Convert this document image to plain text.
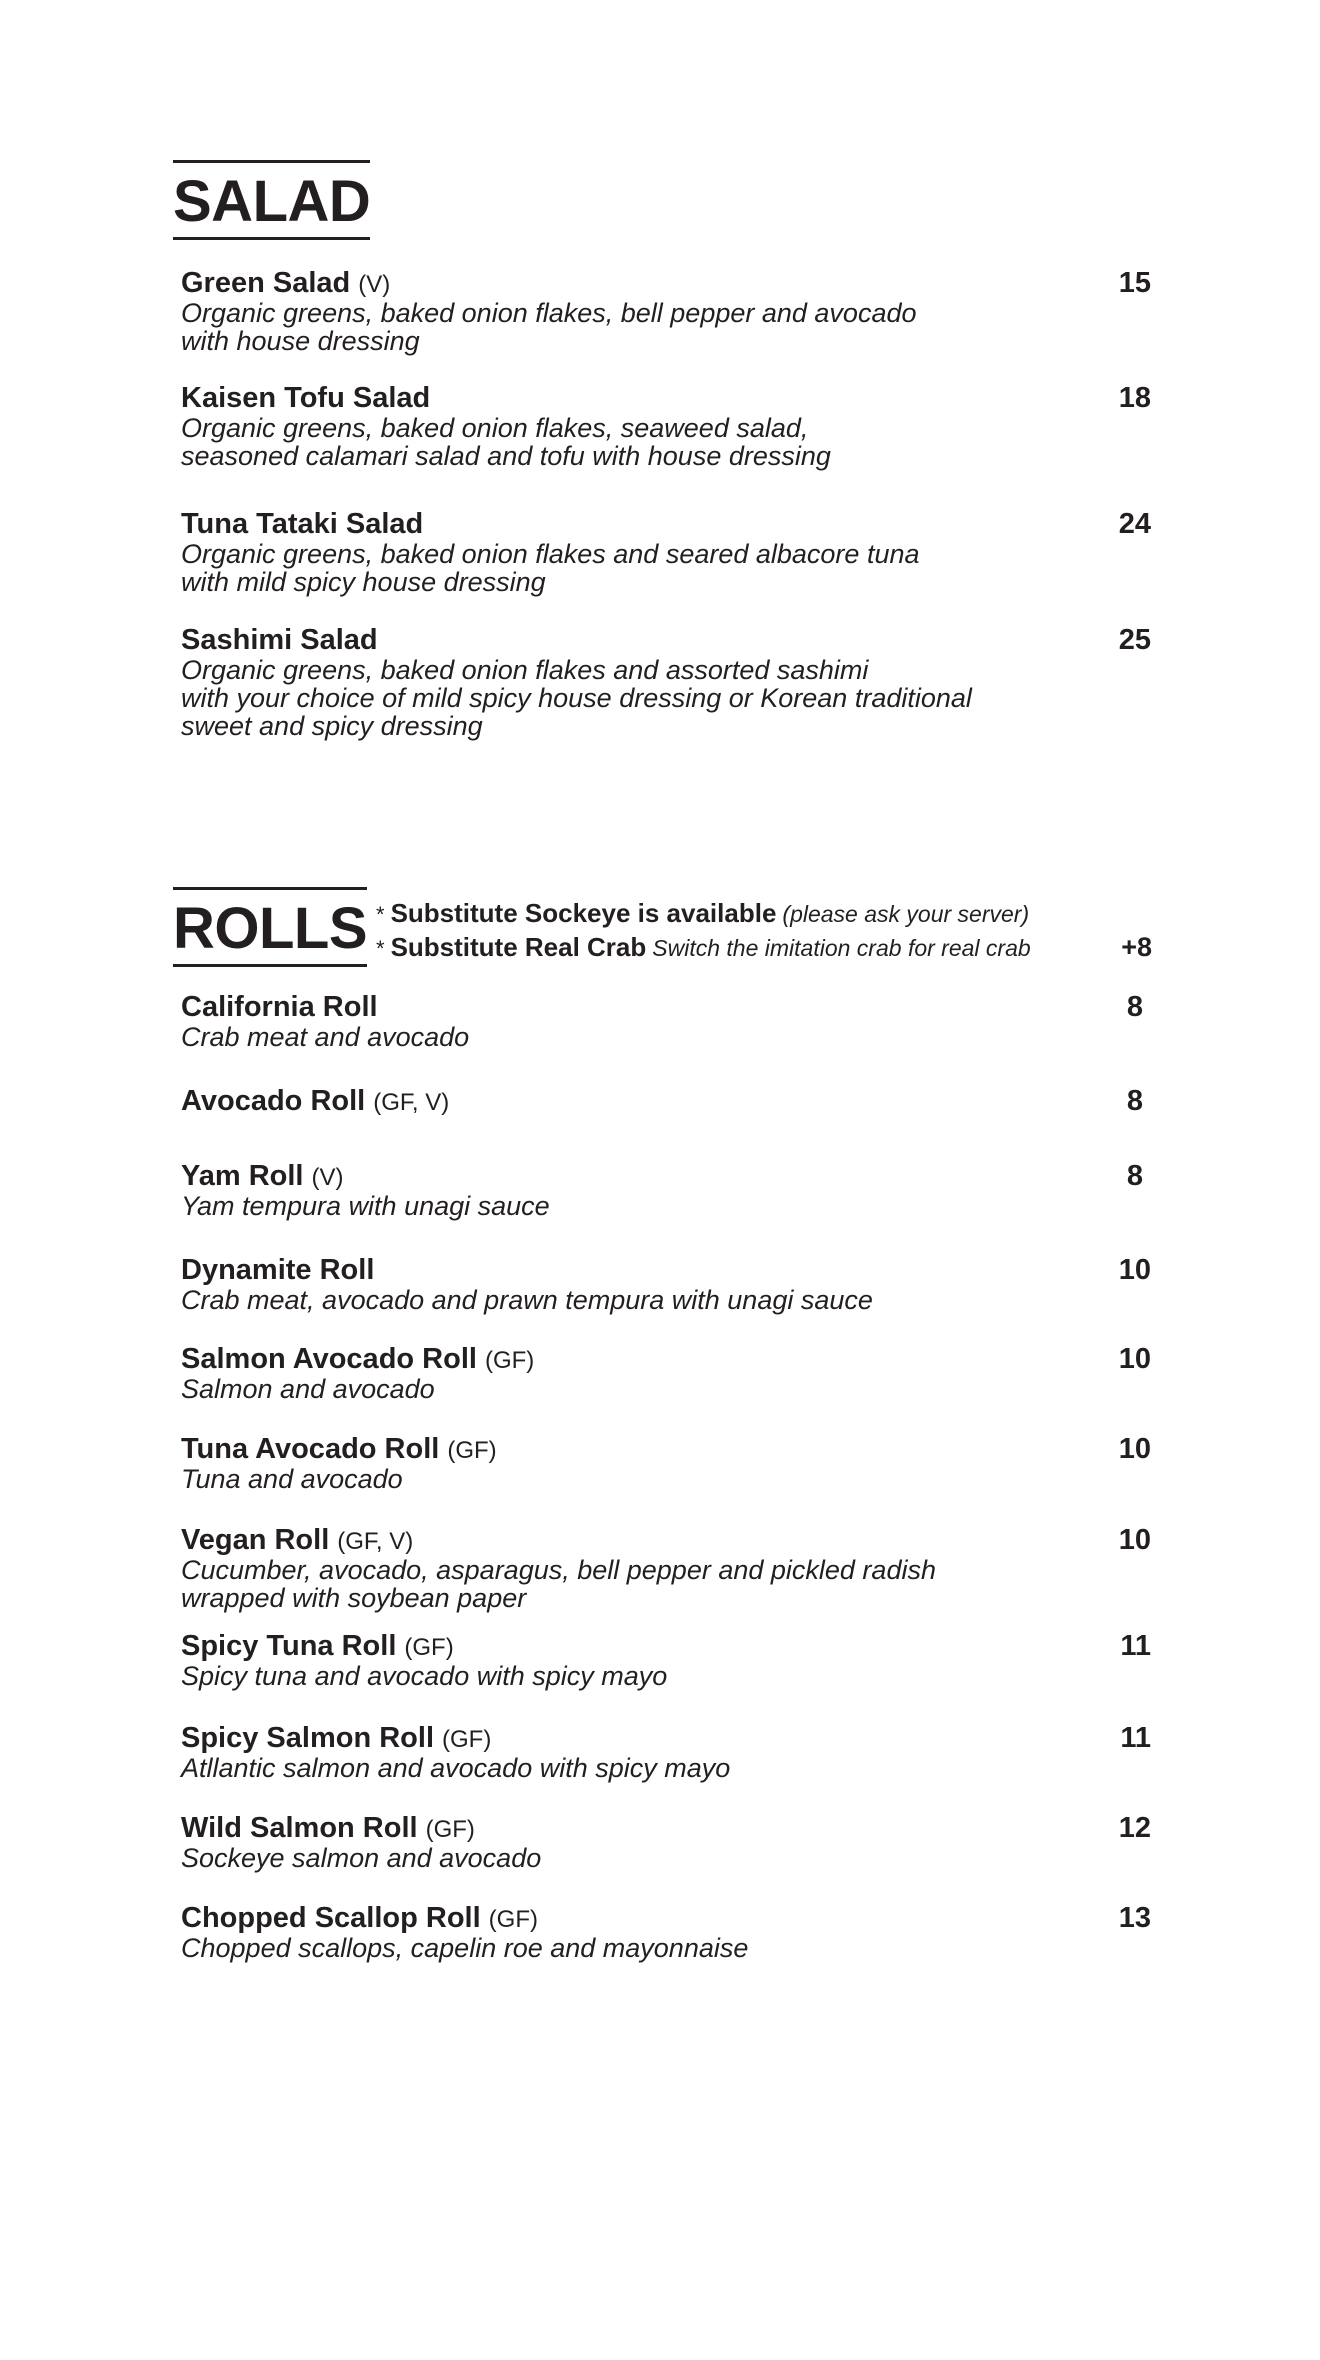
SALAD
Green Salad (V)	15
Organic greens, baked onion flakes, bell pepper and avocado
with house dressing
Kaisen Tofu Salad	18
Organic greens, baked onion flakes, seaweed salad,
seasoned calamari salad and tofu with house dressing
Tuna Tataki Salad	24
Organic greens, baked onion flakes and seared albacore tuna
with mild spicy house dressing
Sashimi Salad	25
Organic greens, baked onion flakes and assorted sashimi
with your choice of mild spicy house dressing or Korean traditional
sweet and spicy dressing
ROLLS * Substitute Sockeye is available (please ask your server)
* Substitute Real Crab Switch the imitation crab for real crab	+8
California Roll	8
Crab meat and avocado
Avocado Roll (GF, V)	8
Yam Roll (V)	8
Yam tempura with unagi sauce
Dynamite Roll	10
Crab meat, avocado and prawn tempura with unagi sauce
Salmon Avocado Roll (GF)	10
Salmon and avocado
Tuna Avocado Roll (GF)	10
Tuna and avocado
Vegan Roll (GF, V)	10
Cucumber, avocado, asparagus, bell pepper and pickled radish
wrapped with soybean paper
Spicy Tuna Roll (GF)	11
Spicy tuna and avocado with spicy mayo
Spicy Salmon Roll (GF)	11
Atllantic salmon and avocado with spicy mayo
Wild Salmon Roll (GF)	12
Sockeye salmon and avocado
Chopped Scallop Roll (GF)	13
Chopped scallops, capelin roe and mayonnaise
